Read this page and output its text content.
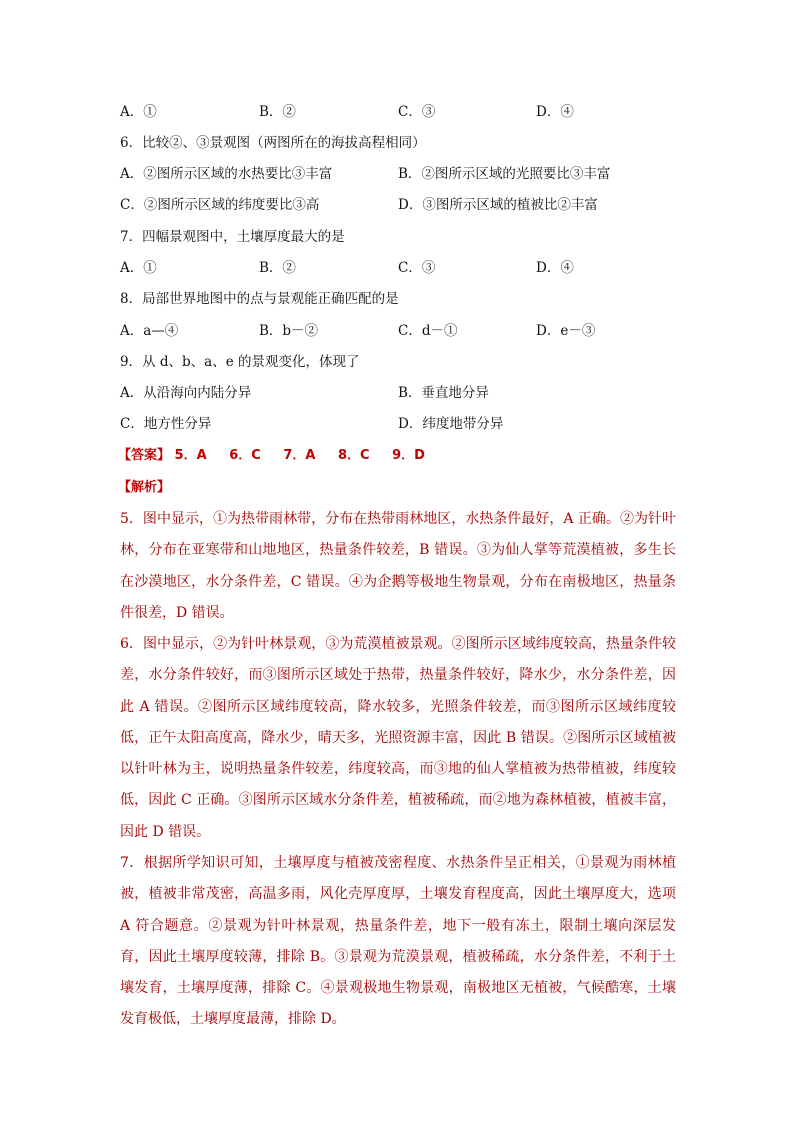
A．①	B．②	C．③	D．④
6．比较②、③景观图（两图所在的海拔高程相同）
A．②图所示区域的水热要比③丰富	B．②图所示区域的光照要比③丰富
C．②图所示区域的纬度要比③高	D．③图所示区域的植被比②丰富
7．四幅景观图中，土壤厚度最大的是
A．①	B．②	C．③	D．④
8．局部世界地图中的点与景观能正确匹配的是
A．a—④	B．b－②	C．d－①	D．e－③
9．从 d、b、a、e 的景观变化，体现了
A．从沿海向内陆分异	B．垂直地分异
C．地方性分异	D．纬度地带分异
【答案】 5．A 6．C 7．A 8．C 9．D
【解析】
5．图中显示，①为热带雨林带，分布在热带雨林地区，水热条件最好，A 正确。②为针叶林，分布在亚寒带和山地地区，热量条件较差，B 错误。③为仙人掌等荒漠植被，多生长在沙漠地区，水分条件差，C 错误。④为企鹅等极地生物景观，分布在南极地区，热量条件很差，D 错误。
6．图中显示，②为针叶林景观，③为荒漠植被景观。②图所示区域纬度较高，热量条件较差，水分条件较好，而③图所示区域处于热带，热量条件较好，降水少，水分条件差，因此 A 错误。②图所示区域纬度较高，降水较多，光照条件较差，而③图所示区域纬度较低，正午太阳高度高，降水少，晴天多，光照资源丰富，因此 B 错误。②图所示区域植被以针叶林为主，说明热量条件较差，纬度较高，而③地的仙人掌植被为热带植被，纬度较低，因此 C 正确。③图所示区域水分条件差，植被稀疏，而②地为森林植被，植被丰富，因此 D 错误。
7．根据所学知识可知，土壤厚度与植被茂密程度、水热条件呈正相关，①景观为雨林植被，植被非常茂密，高温多雨，风化壳厚度厚，土壤发育程度高，因此土壤厚度大，选项 A 符合题意。②景观为针叶林景观，热量条件差，地下一般有冻土，限制土壤向深层发育，因此土壤厚度较薄，排除 B。③景观为荒漠景观，植被稀疏，水分条件差，不利于土壤发育，土壤厚度薄，排除 C。④景观极地生物景观，南极地区无植被，气候酷寒，土壤发育极低，土壤厚度最薄，排除 D。
